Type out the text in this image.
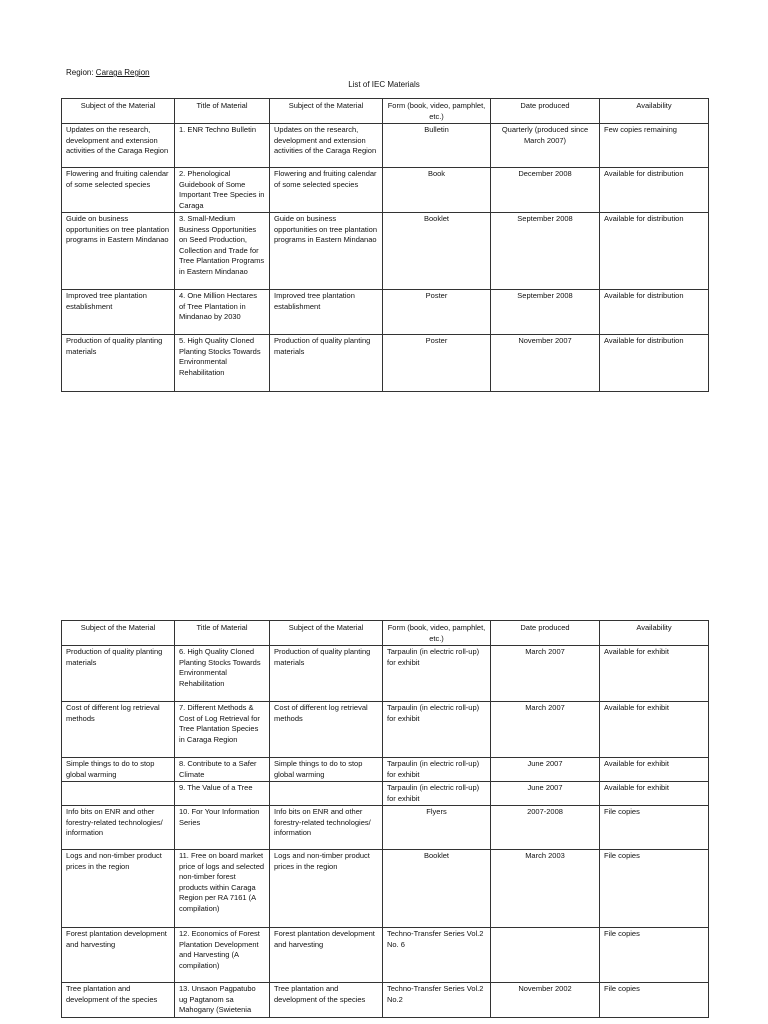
Region: Caraga Region
List of IEC Materials
Subject of the Material	Title of Material	Subject of the Material	Form (book, video, pamphlet, etc.)	Date produced	Availability
Updates on the research, development and extension activities of the Caraga Region	1. ENR Techno Bulletin	Updates on the research, development and extension activities of the Caraga Region	Bulletin	Quarterly (produced since March 2007)	Few copies remaining
Flowering and fruiting calendar of some selected species	2. Phenological Guidebook of Some Important Tree Species in Caraga	Flowering and fruiting calendar of some selected species	Book	December 2008	Available for distribution
Guide on business opportunities on tree plantation programs in Eastern Mindanao	3. Small-Medium Business Opportunities on Seed Production, Collection and Trade for Tree Plantation Programs in Eastern Mindanao	Guide on business opportunities on tree plantation programs in Eastern Mindanao	Booklet	September 2008	Available for distribution
Improved tree plantation establishment	4. One Million Hectares of Tree Plantation in Mindanao by 2030	Improved tree plantation establishment	Poster	September 2008	Available for distribution
Production of quality planting materials	5. High Quality Cloned Planting Stocks Towards Environmental Rehabilitation	Production of quality planting materials	Poster	November 2007	Available for distribution
Subject of the Material	Title of Material	Subject of the Material	Form (book, video, pamphlet, etc.)	Date produced	Availability
Production of quality planting materials	6. High Quality Cloned Planting Stocks Towards Environmental Rehabilitation	Production of quality planting materials	Tarpaulin (in electric roll-up) for exhibit	March 2007	Available for exhibit
Cost of different log retrieval methods	7. Different Methods & Cost of Log Retrieval for Tree Plantation Species in Caraga Region	Cost of different log retrieval methods	Tarpaulin (in electric roll-up) for exhibit	March 2007	Available for exhibit
Simple things to do to stop global warming	8. Contribute to a Safer Climate	Simple things to do to stop global warming	Tarpaulin (in electric roll-up) for exhibit	June 2007	Available for exhibit
	9. The Value of a Tree		Tarpaulin (in electric roll-up) for exhibit	June 2007	Available for exhibit
Info bits on ENR and other forestry-related technologies/ information	10. For Your Information Series	Info bits on ENR and other forestry-related technologies/ information	Flyers	2007-2008	File copies
Logs and non-timber product prices in the region	11. Free on board market price of logs and selected non-timber forest products within Caraga Region per RA 7161 (A compilation)	Logs and non-timber product prices in the region	Booklet	March 2003	File copies
Forest plantation development and harvesting	12. Economics of Forest Plantation Development and Harvesting (A compilation)	Forest plantation development and harvesting	Techno-Transfer Series Vol.2 No. 6		File copies
Tree plantation and development of the species	13. Unsaon Pagpatubo ug Pagtanom sa Mahogany (Swietenia	Tree plantation and development of the species	Techno-Transfer Series Vol.2 No.2	November 2002	File copies
